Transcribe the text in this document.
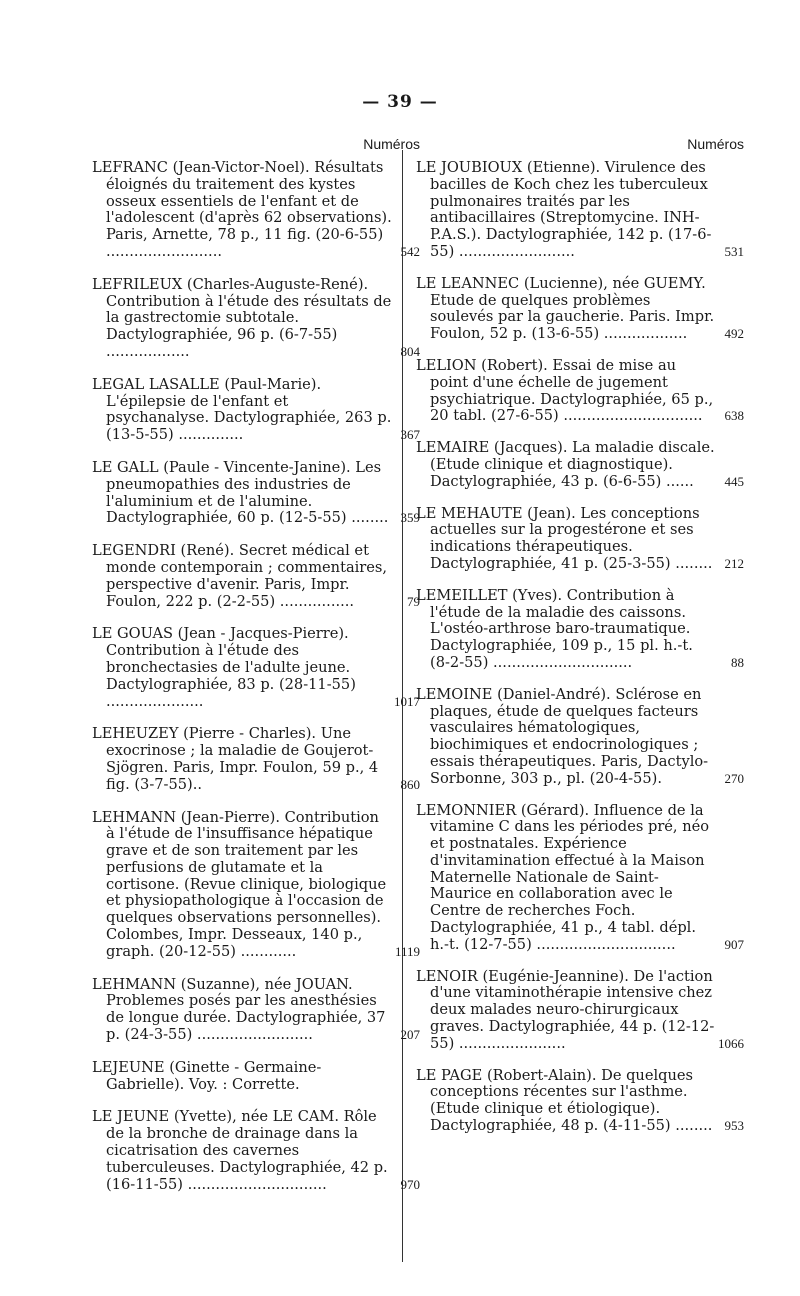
— 39 —
Numéros
LEFRANC (Jean-Victor-Noel). Résultats éloignés du traitement des kystes osseux essentiels de l'enfant et de l'adolescent (d'après 62 observations). Paris, Arnette, 78 p., 11 fig. (20-6-55) .........................	542
LEFRILEUX (Charles-Auguste-René). Contribution à l'étude des résultats de la gastrectomie subtotale. Dactylographiée, 96 p. (6-7-55) ..................	804
LEGAL LASALLE (Paul-Marie). L'épilepsie de l'enfant et psychanalyse. Dactylographiée, 263 p. (13-5-55) ..............	367
LE GALL (Paule - Vincente-Janine). Les pneumopathies des industries de l'aluminium et de l'alumine. Dactylographiée, 60 p. (12-5-55) ........ 359
LEGENDRI (René). Secret médical et monde contemporain ; commentaires, perspective d'avenir. Paris, Impr. Foulon, 222 p. (2-2-55) ................	79
LE GOUAS (Jean - Jacques-Pierre). Contribution à l'étude des bronchectasies de l'adulte jeune. Dactylographiée, 83 p. (28-11-55) .....................	1017
LEHEUZEY (Pierre - Charles). Une exocrinose ; la maladie de Goujerot-Sjögren. Paris, Impr. Foulon, 59 p., 4 fig. (3-7-55)..	860
LEHMANN (Jean-Pierre). Contribution à l'étude de l'insuffisance hépatique grave et de son traitement par les perfusions de glutamate et la cortisone. (Revue clinique, biologique et physiopathologique à l'occasion de quelques observations personnelles). Colombes, Impr. Desseaux, 140 p., graph. (20-12-55) ............	1119
LEHMANN (Suzanne), née JOUAN. Problemes posés par les anesthésies de longue durée. Dactylographiée, 37 p. (24-3-55) .........................	207
LEJEUNE (Ginette - Germaine-Gabrielle). Voy. : Corrette.
LE JEUNE (Yvette), née LE CAM. Rôle de la bronche de drainage dans la cicatrisation des cavernes tuberculeuses. Dactylographiée, 42 p. (16-11-55) ..............................	970
Numéros
LE JOUBIOUX (Etienne). Virulence des bacilles de Koch chez les tuberculeux pulmonaires traités par les antibacillaires (Streptomycine. INH-P.A.S.). Dactylographiée, 142 p. (17-6-55) .........................	531
LE LEANNEC (Lucienne), née GUEMY. Etude de quelques problèmes soulevés par la gaucherie. Paris. Impr. Foulon, 52 p. (13-6-55) ..................	492
LELION (Robert). Essai de mise au point d'une échelle de jugement psychiatrique. Dactylographiée, 65 p., 20 tabl. (27-6-55) ..............................	638
LEMAIRE (Jacques). La maladie discale. (Etude clinique et diagnostique). Dactylographiée, 43 p. (6-6-55) ......	445
LE MEHAUTE (Jean). Les conceptions actuelles sur la progestérone et ses indications thérapeutiques. Dactylographiée, 41 p. (25-3-55) ........ 212
LEMEILLET (Yves). Contribution à l'étude de la maladie des caissons. L'ostéo-arthrose baro-traumatique. Dactylographiée, 109 p., 15 pl. h.-t. (8-2-55) ..............................	88
LEMOINE (Daniel-André). Sclérose en plaques, étude de quelques facteurs vasculaires hématologiques, biochimiques et endocrinologiques ; essais thérapeutiques. Paris, Dactylo-Sorbonne, 303 p., pl. (20-4-55).	270
LEMONNIER (Gérard). Influence de la vitamine C dans les périodes pré, néo et postnatales. Expérience d'invitamination effectué à la Maison Maternelle Nationale de Saint-Maurice en collaboration avec le Centre de recherches Foch. Dactylographiée, 41 p., 4 tabl. dépl. h.-t. (12-7-55) ..............................	907
LENOIR (Eugénie-Jeannine). De l'action d'une vitaminothérapie intensive chez deux malades neuro-chirurgicaux graves. Dactylographiée, 44 p. (12-12-55) .......................	1066
LE PAGE (Robert-Alain). De quelques conceptions récentes sur l'asthme. (Etude clinique et étiologique). Dactylographiée, 48 p. (4-11-55) ........ 953
